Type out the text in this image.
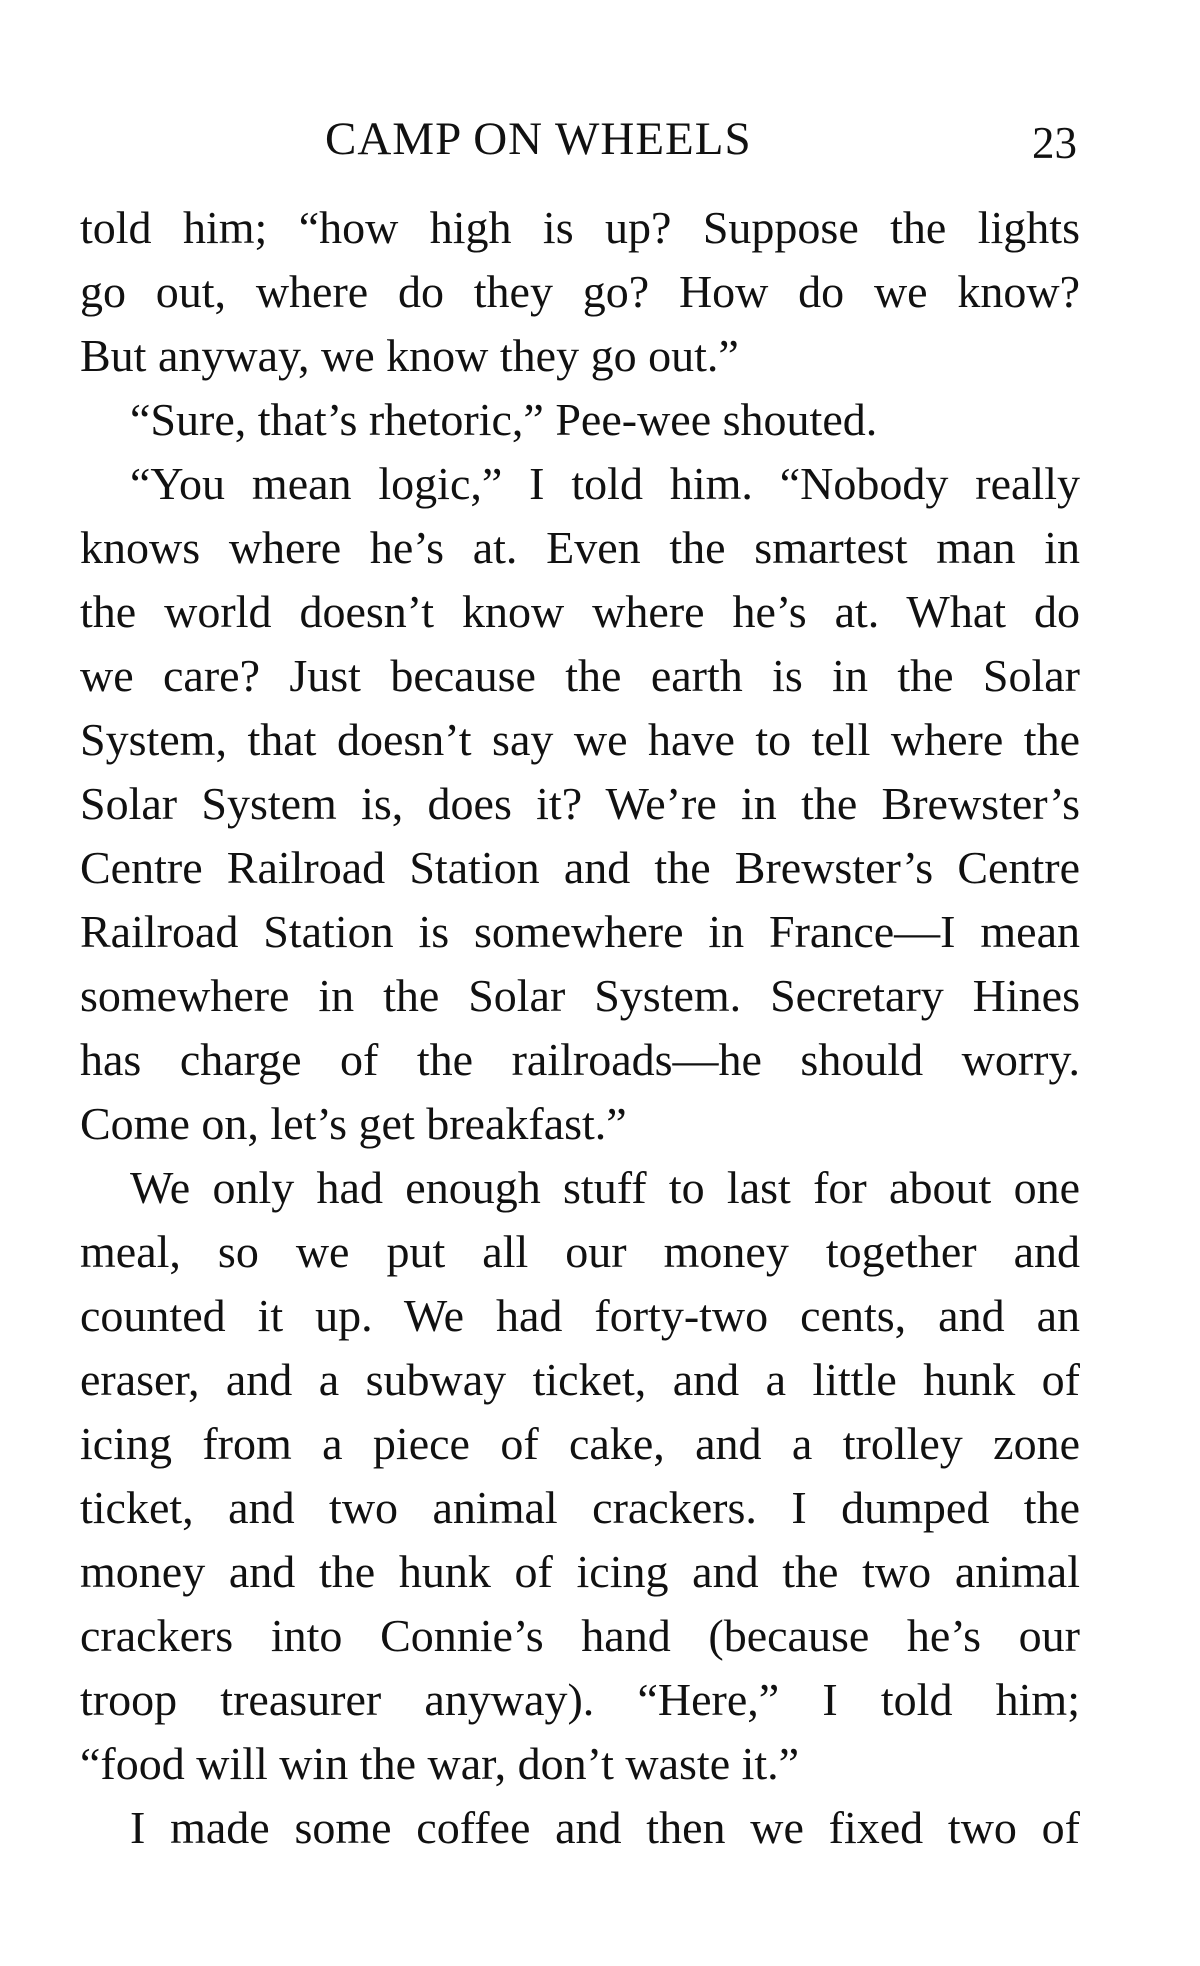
CAMP ON WHEELS	23
told him; “how high is up? Suppose the lights
go out, where do they go? How do we know?
But anyway, we know they go out.”
“Sure, that’s rhetoric,” Pee-wee shouted.
“You mean logic,” I told him. “Nobody really
knows where he’s at. Even the smartest man in
the world doesn’t know where he’s at. What do
we care? Just because the earth is in the Solar
System, that doesn’t say we have to tell where the
Solar System is, does it? We’re in the Brewster’s
Centre Railroad Station and the Brewster’s Centre
Railroad Station is somewhere in France—I mean
somewhere in the Solar System. Secretary Hines
has charge of the railroads—he should worry.
Come on, let’s get breakfast.”
We only had enough stuff to last for about one
meal, so we put all our money together and
counted it up. We had forty-two cents, and an
eraser, and a subway ticket, and a little hunk of
icing from a piece of cake, and a trolley zone
ticket, and two animal crackers. I dumped the
money and the hunk of icing and the two animal
crackers into Connie’s hand (because he’s our
troop treasurer anyway). “Here,” I told him;
“food will win the war, don’t waste it.”
I made some coffee and then we fixed two of
